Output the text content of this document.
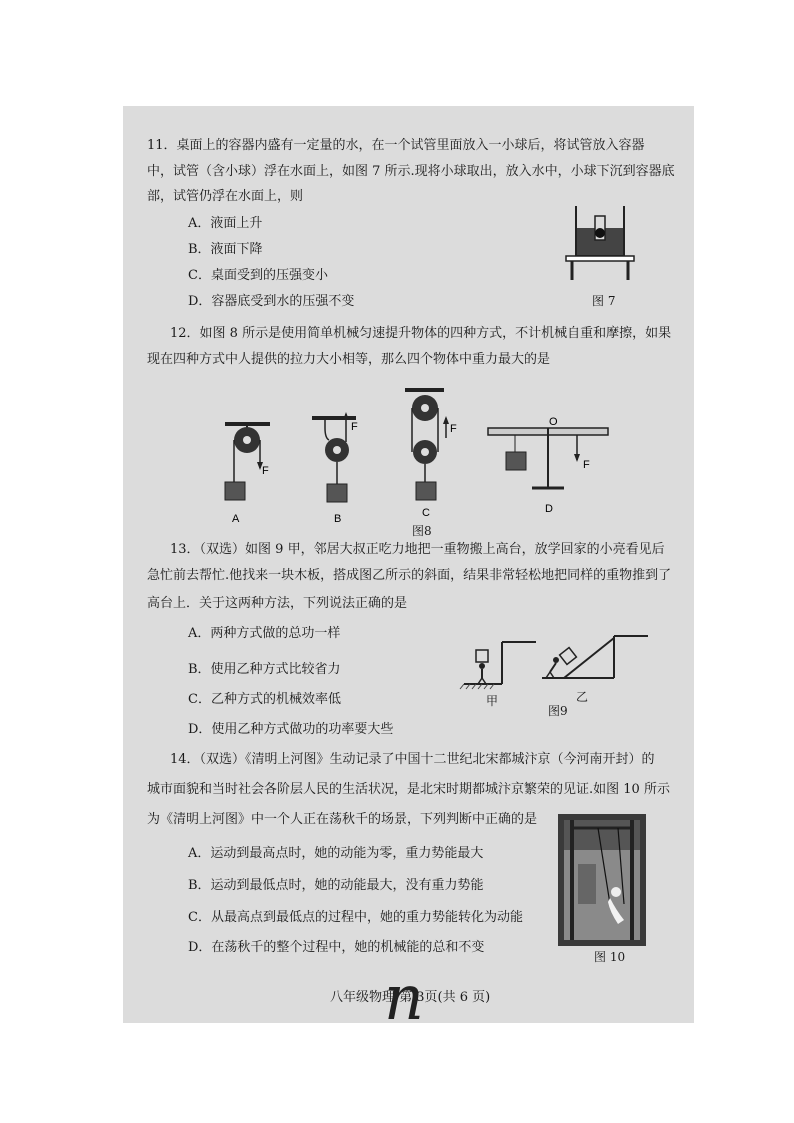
11．桌面上的容器内盛有一定量的水，在一个试管里面放入一小球后，将试管放入容器
中，试管（含小球）浮在水面上，如图 7 所示.现将小球取出，放入水中，小球下沉到容器底
部，试管仍浮在水面上，则
A．液面上升
B．液面下降
C．桌面受到的压强变小
D．容器底受到水的压强不变	图 7
12．如图 8 所示是使用简单机械匀速提升物体的四种方式，不计机械自重和摩擦，如果
现在四种方式中人提供的拉力大小相等，那么四个物体中重力最大的是
F
A
F
B
F
C
O
F
D
图8
13．（双选）如图 9 甲，邻居大叔正吃力地把一重物搬上高台，放学回家的小亮看见后
急忙前去帮忙.他找来一块木板，搭成图乙所示的斜面，结果非常轻松地把同样的重物推到了
高台上．关于这两种方法，下列说法正确的是
A．两种方式做的总功一样
B．使用乙种方式比较省力
C．乙种方式的机械效率低
D．使用乙种方式做功的功率要大些
甲	乙
图9
14．（双选）《清明上河图》生动记录了中国十二世纪北宋都城汴京（今河南开封）的
城市面貌和当时社会各阶层人民的生活状况，是北宋时期都城汴京繁荣的见证.如图 10 所示
为《清明上河图》中一个人正在荡秋千的场景，下列判断中正确的是
A．运动到最高点时，她的动能为零，重力势能最大
B．运动到最低点时，她的动能最大，没有重力势能
C．从最高点到最低点的过程中，她的重力势能转化为动能
D．在荡秋千的整个过程中，她的机械能的总和不变
图 10
八年级物理 第 3页(共 6 页)
n
